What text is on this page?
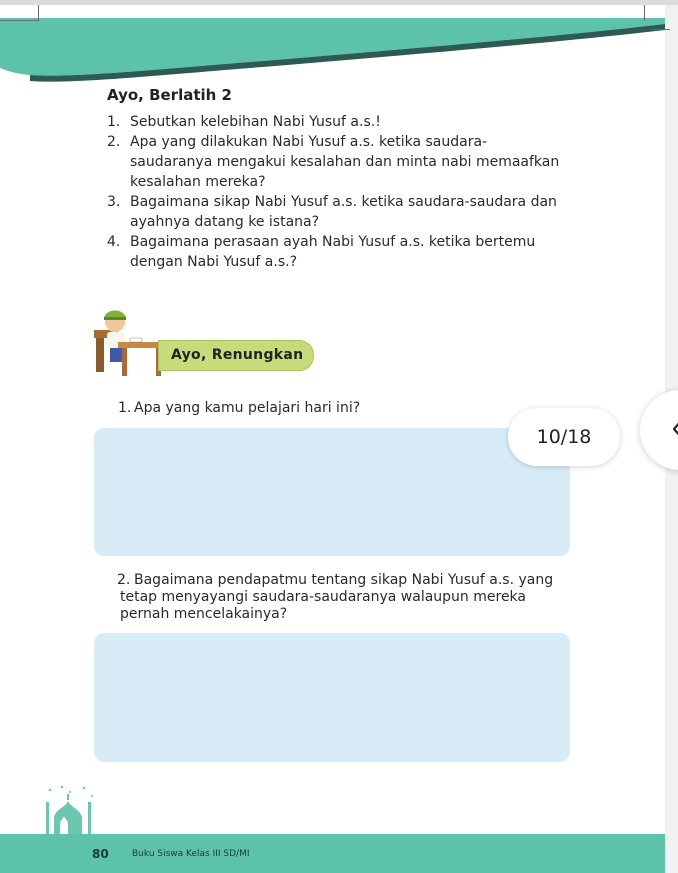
Ayo, Berlatih 2
1. Sebutkan kelebihan Nabi Yusuf a.s.!
2. Apa yang dilakukan Nabi Yusuf a.s. ketika saudara-saudaranya mengakui kesalahan dan minta nabi memaafkan kesalahan mereka?
3. Bagaimana sikap Nabi Yusuf a.s. ketika saudara-saudara dan ayahnya datang ke istana?
4. Bagaimana perasaan ayah Nabi Yusuf a.s. ketika bertemu dengan Nabi Yusuf a.s.?
Ayo, Renungkan
1. Apa yang kamu pelajari hari ini?
2. Bagaimana pendapatmu tentang sikap Nabi Yusuf a.s. yang tetap menyayangi saudara-saudaranya walaupun mereka pernah mencelakainya?
80	Buku Siswa Kelas III SD/MI
10/18
